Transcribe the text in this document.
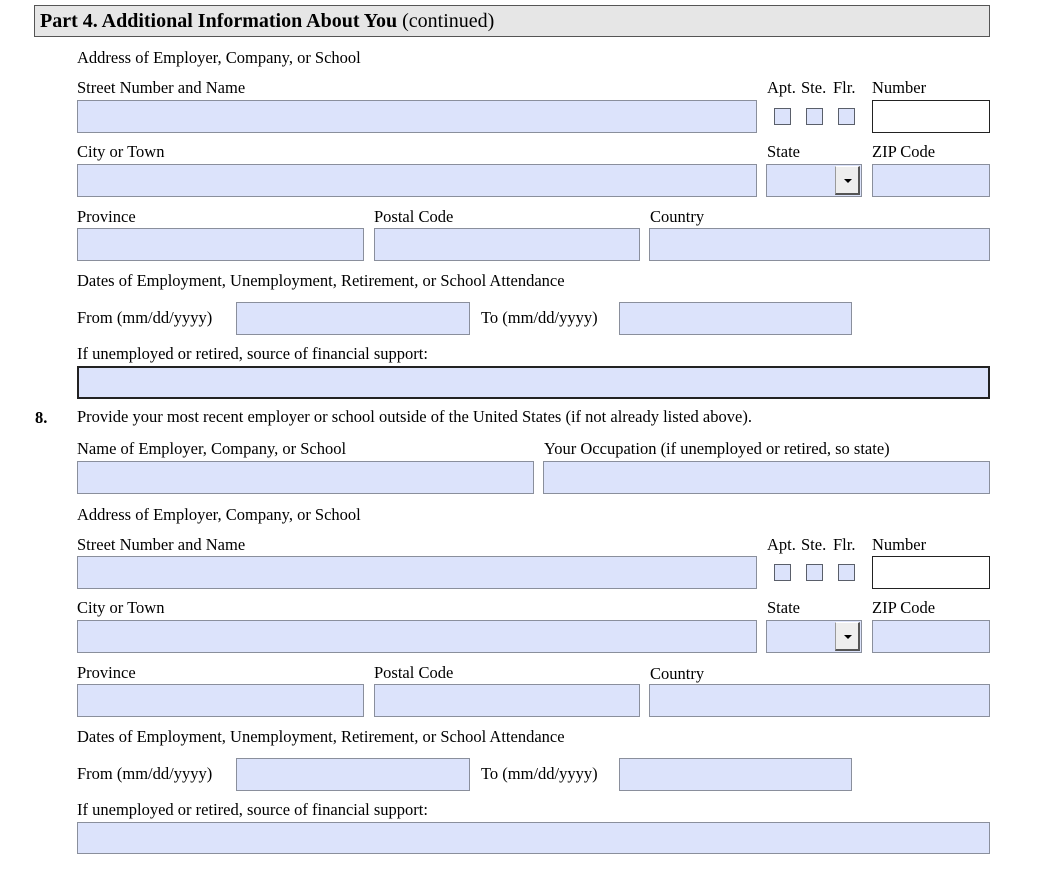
Part 4. Additional Information About You (continued)
Address of Employer, Company, or School
Street Number and Name	Apt. Ste. Flr. Number
City or Town	State	ZIP Code
Province	Postal Code	Country
Dates of Employment, Unemployment, Retirement, or School Attendance
From (mm/dd/yyyy)	To (mm/dd/yyyy)
If unemployed or retired, source of financial support:
8. Provide your most recent employer or school outside of the United States (if not already listed above).
Name of Employer, Company, or School	Your Occupation (if unemployed or retired, so state)
Address of Employer, Company, or School
Street Number and Name	Apt. Ste. Flr. Number
City or Town	State	ZIP Code
Province	Postal Code	Country
Dates of Employment, Unemployment, Retirement, or School Attendance
From (mm/dd/yyyy)	To (mm/dd/yyyy)
If unemployed or retired, source of financial support:
